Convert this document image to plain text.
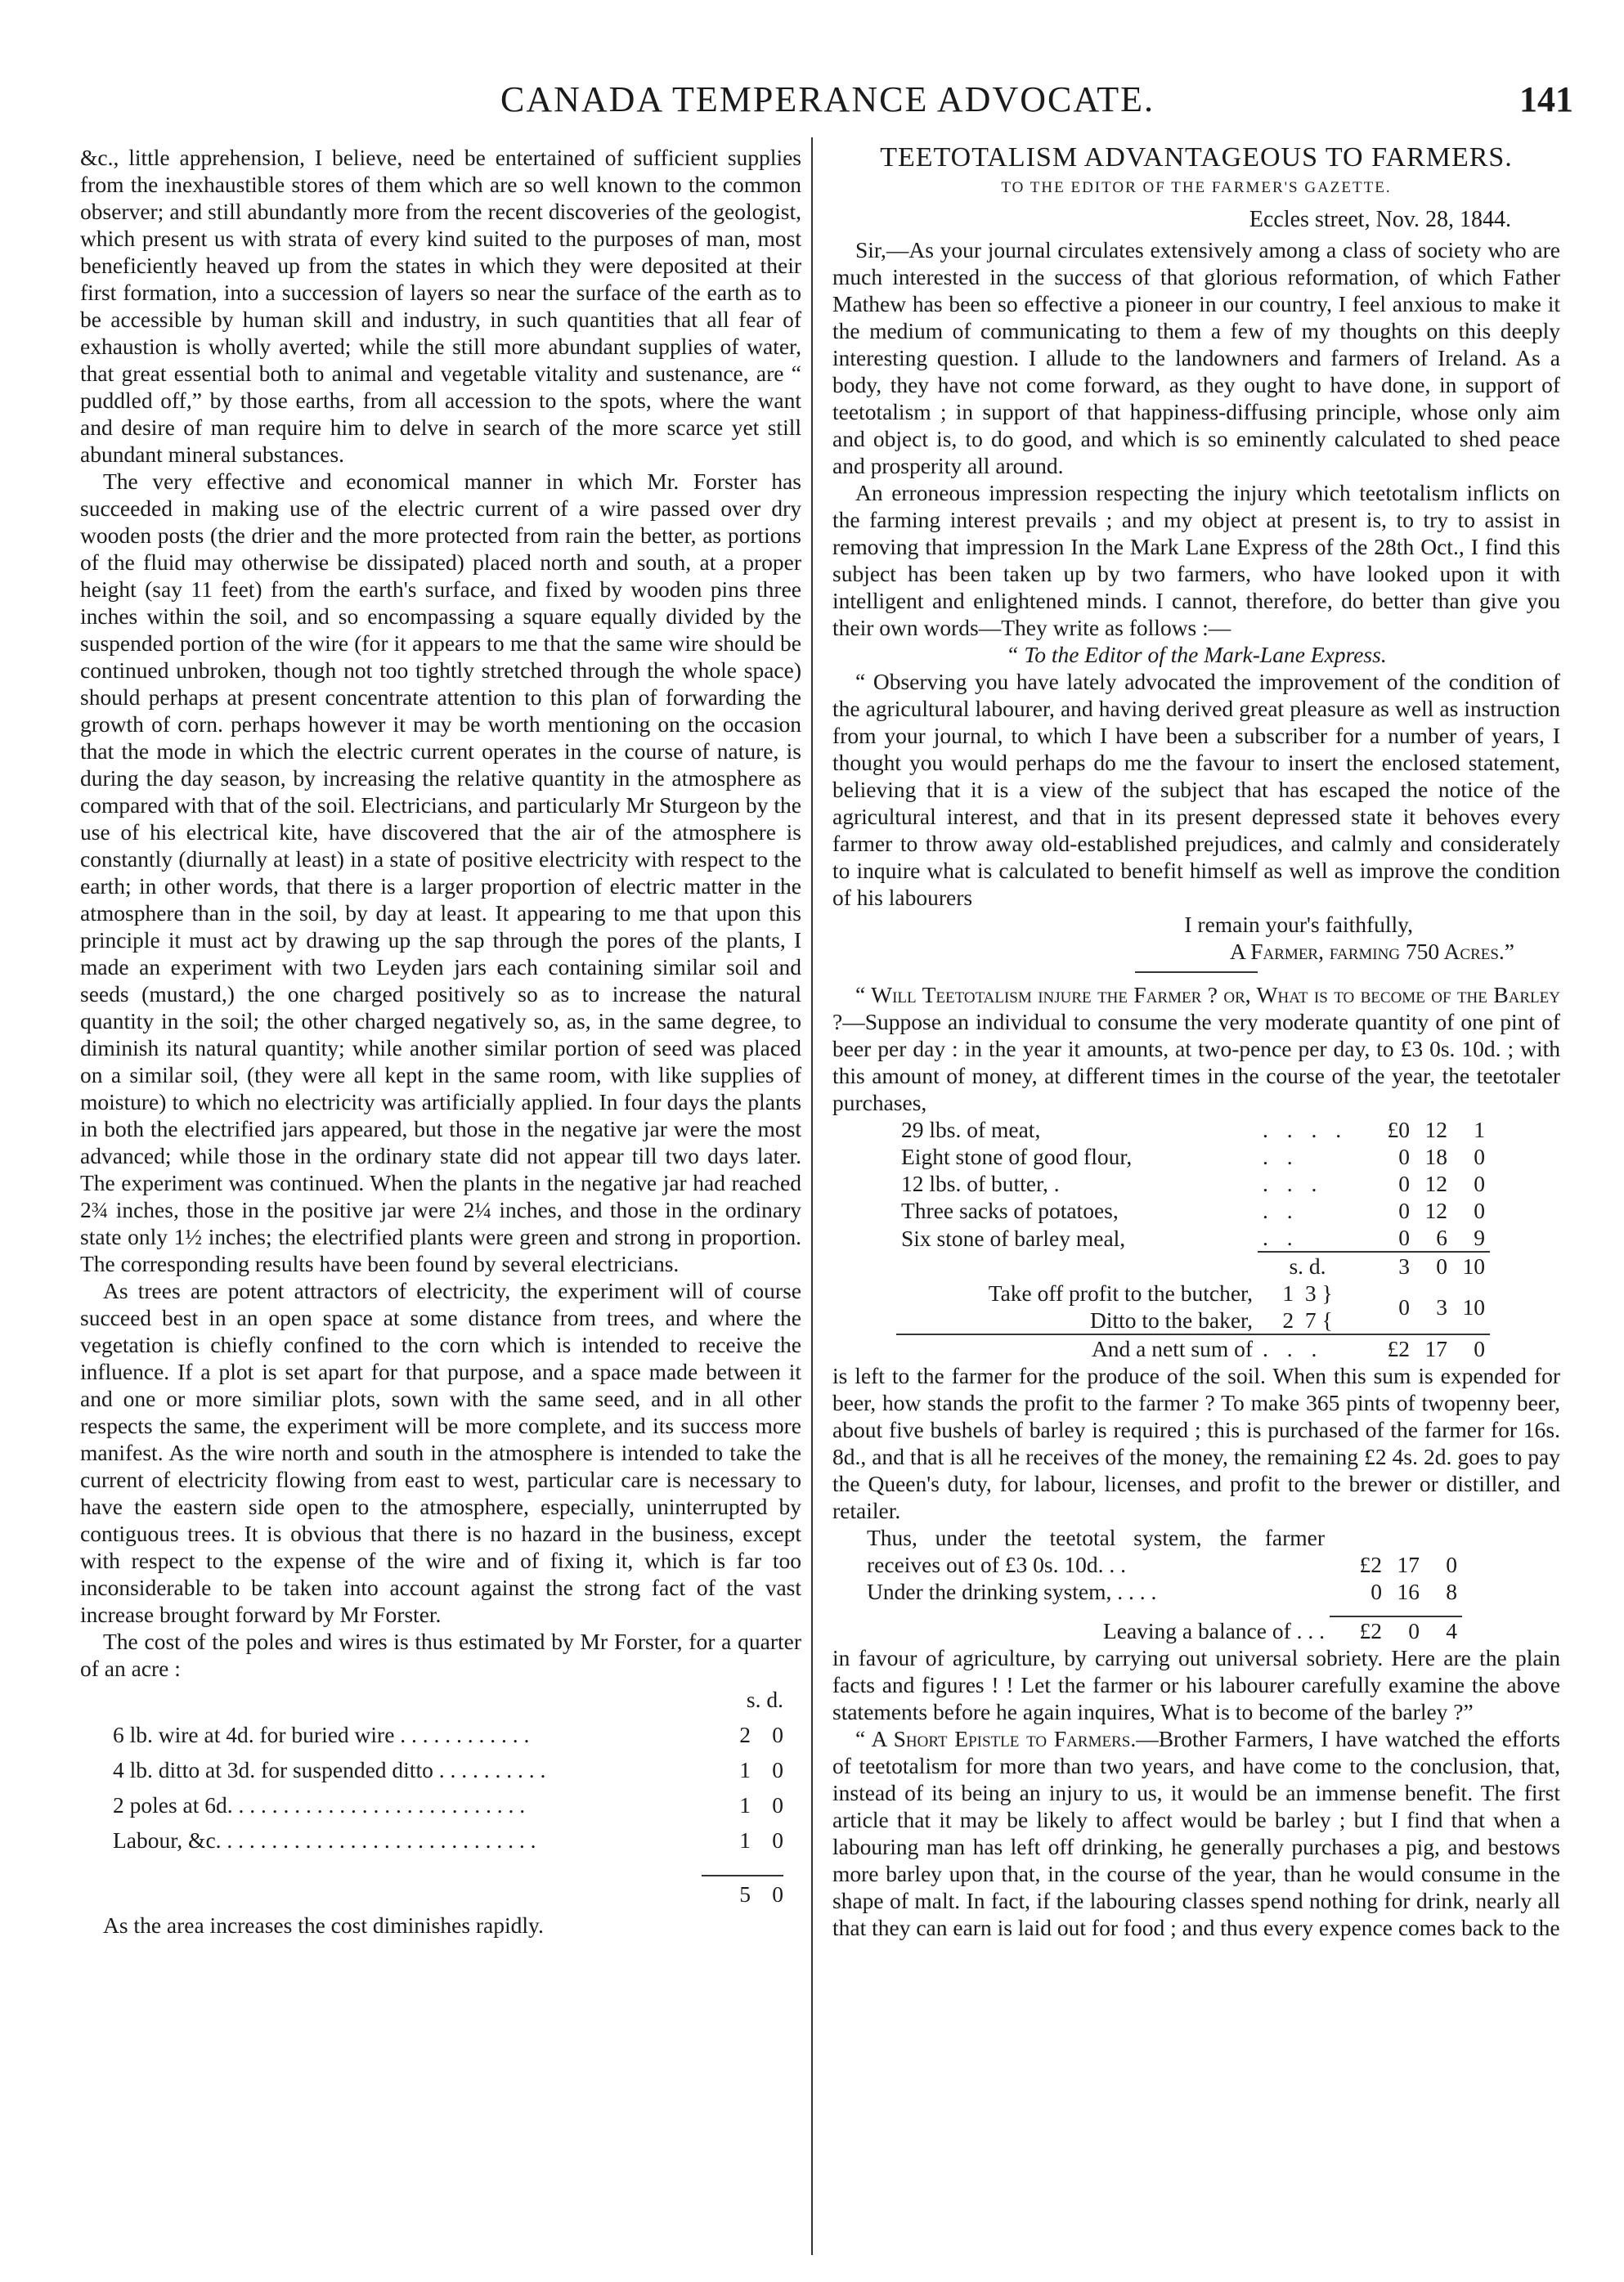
CANADA TEMPERANCE ADVOCATE.	141

&c., little apprehension, I believe, need be entertained of sufficient supplies from the inexhaustible stores of them which are so well known to the common observer; and still abundantly more from the recent discoveries of the geologist, which present us with strata of every kind suited to the purposes of man, most beneficiently heaved up from the states in which they were deposited at their first formation, into a succession of layers so near the surface of the earth as to be accessible by human skill and industry, in such quantities that all fear of exhaustion is wholly averted; while the still more abundant supplies of water, that great essential both to animal and vegetable vitality and sustenance, are “ puddled off,” by those earths, from all accession to the spots, where the want and desire of man require him to delve in search of the more scarce yet still abundant mineral substances.

The very effective and economical manner in which Mr. Forster has succeeded in making use of the electric current of a wire passed over dry wooden posts (the drier and the more protected from rain the better, as portions of the fluid may otherwise be dissipated) placed north and south, at a proper height (say 11 feet) from the earth's surface, and fixed by wooden pins three inches within the soil, and so encompassing a square equally divided by the suspended portion of the wire (for it appears to me that the same wire should be continued unbroken, though not too tightly stretched through the whole space) should perhaps at present concentrate attention to this plan of forwarding the growth of corn. perhaps however it may be worth mentioning on the occasion that the mode in which the electric current operates in the course of nature, is during the day season, by increasing the relative quantity in the atmosphere as compared with that of the soil. Electricians, and particularly Mr Sturgeon by the use of his electrical kite, have discovered that the air of the atmosphere is constantly (diurnally at least) in a state of positive electricity with respect to the earth; in other words, that there is a larger proportion of electric matter in the atmosphere than in the soil, by day at least. It appearing to me that upon this principle it must act by drawing up the sap through the pores of the plants, I made an experiment with two Leyden jars each containing similar soil and seeds (mustard,) the one charged positively so as to increase the natural quantity in the soil; the other charged negatively so, as, in the same degree, to diminish its natural quantity; while another similar portion of seed was placed on a similar soil, (they were all kept in the same room, with like supplies of moisture) to which no electricity was artificially applied. In four days the plants in both the electrified jars appeared, but those in the negative jar were the most advanced; while those in the ordinary state did not appear till two days later. The experiment was continued. When the plants in the negative jar had reached 2¾ inches, those in the positive jar were 2¼ inches, and those in the ordinary state only 1½ inches; the electrified plants were green and strong in proportion. The corresponding results have been found by several electricians.

As trees are potent attractors of electricity, the experiment will of course succeed best in an open space at some distance from trees, and where the vegetation is chiefly confined to the corn which is intended to receive the influence. If a plot is set apart for that purpose, and a space made between it and one or more similiar plots, sown with the same seed, and in all other respects the same, the experiment will be more complete, and its success more manifest. As the wire north and south in the atmosphere is intended to take the current of electricity flowing from east to west, particular care is necessary to have the eastern side open to the atmosphere, especially, uninterrupted by contiguous trees. It is obvious that there is no hazard in the business, except with respect to the expense of the wire and of fixing it, which is far too inconsiderable to be taken into account against the strong fact of the vast increase brought forward by Mr Forster.

The cost of the poles and wires is thus estimated by Mr Forster, for a quarter of an acre :

	s. d.	
6 lb. wire at 4d. for buried wire . . . . . . . . . . . .	2	0
4 lb. ditto at 3d. for suspended ditto . . . . . . . . . .	1	0
2 poles at 6d. . . . . . . . . . . . . . . . . . . . . . . . . . .	1	0
Labour, &c. . . . . . . . . . . . . . . . . . . . . . . . . . . . .	1	0

	5	0

As the area increases the cost diminishes rapidly.

TEETOTALISM ADVANTAGEOUS TO FARMERS.
TO THE EDITOR OF THE FARMER'S GAZETTE.
Eccles street, Nov. 28, 1844.

Sir,—As your journal circulates extensively among a class of society who are much interested in the success of that glorious reformation, of which Father Mathew has been so effective a pioneer in our country, I feel anxious to make it the medium of communicating to them a few of my thoughts on this deeply interesting question. I allude to the landowners and farmers of Ireland. As a body, they have not come forward, as they ought to have done, in support of teetotalism ; in support of that happiness-diffusing principle, whose only aim and object is, to do good, and which is so eminently calculated to shed peace and prosperity all around.

An erroneous impression respecting the injury which teetotalism inflicts on the farming interest prevails ; and my object at present is, to try to assist in removing that impression In the Mark Lane Express of the 28th Oct., I find this subject has been taken up by two farmers, who have looked upon it with intelligent and enlightened minds. I cannot, therefore, do better than give you their own words—They write as follows :—

“ To the Editor of the Mark-Lane Express.

“ Observing you have lately advocated the improvement of the condition of the agricultural labourer, and having derived great pleasure as well as instruction from your journal, to which I have been a subscriber for a number of years, I thought you would perhaps do me the favour to insert the enclosed statement, believing that it is a view of the subject that has escaped the notice of the agricultural interest, and that in its present depressed state it behoves every farmer to throw away old-established prejudices, and calmly and considerately to inquire what is calculated to benefit himself as well as improve the condition of his labourers

I remain your's faithfully,
A Farmer, farming 750 Acres.”

“ Will Teetotalism injure the Farmer ? or, What is to become of the Barley ?—Suppose an individual to consume the very moderate quantity of one pint of beer per day : in the year it amounts, at two-pence per day, to £3 0s. 10d. ; with this amount of money, at different times in the course of the year, the teetotaler purchases,

29 lbs. of meat,	. . . .	£0	12	1
Eight stone of good flour,	. .	0	18	0
12 lbs. of butter, .	. . .	0	12	0
Three sacks of potatoes,	. .	0	12	0
Six stone of barley meal,	. .	0	6	9
	s. d.	3	0	10
Take off profit to the butcher,	1 3 }	0	3	10
Ditto to the baker,	2 7 {			

And a nett sum of	. . .	£2	17	0

is left to the farmer for the produce of the soil. When this sum is expended for beer, how stands the profit to the farmer ? To make 365 pints of twopenny beer, about five bushels of barley is required ; this is purchased of the farmer for 16s. 8d., and that is all he receives of the money, the remaining £2 4s. 2d. goes to pay the Queen's duty, for labour, licenses, and profit to the brewer or distiller, and retailer.

Thus, under the teetotal system, the farmer receives out of £3 0s. 10d. . .	£2	17	0
Under the drinking system, . . . .	0	16	8

Leaving a balance of . . .	£2	0	4

in favour of agriculture, by carrying out universal sobriety. Here are the plain facts and figures ! ! Let the farmer or his labourer carefully examine the above statements before he again inquires, What is to become of the barley ?”

“ A Short Epistle to Farmers.—Brother Farmers, I have watched the efforts of teetotalism for more than two years, and have come to the conclusion, that, instead of its being an injury to us, it would be an immense benefit. The first article that it may be likely to affect would be barley ; but I find that when a labouring man has left off drinking, he generally purchases a pig, and bestows more barley upon that, in the course of the year, than he would consume in the shape of malt. In fact, if the labouring classes spend nothing for drink, nearly all that they can earn is laid out for food ; and thus every expence comes back to the
